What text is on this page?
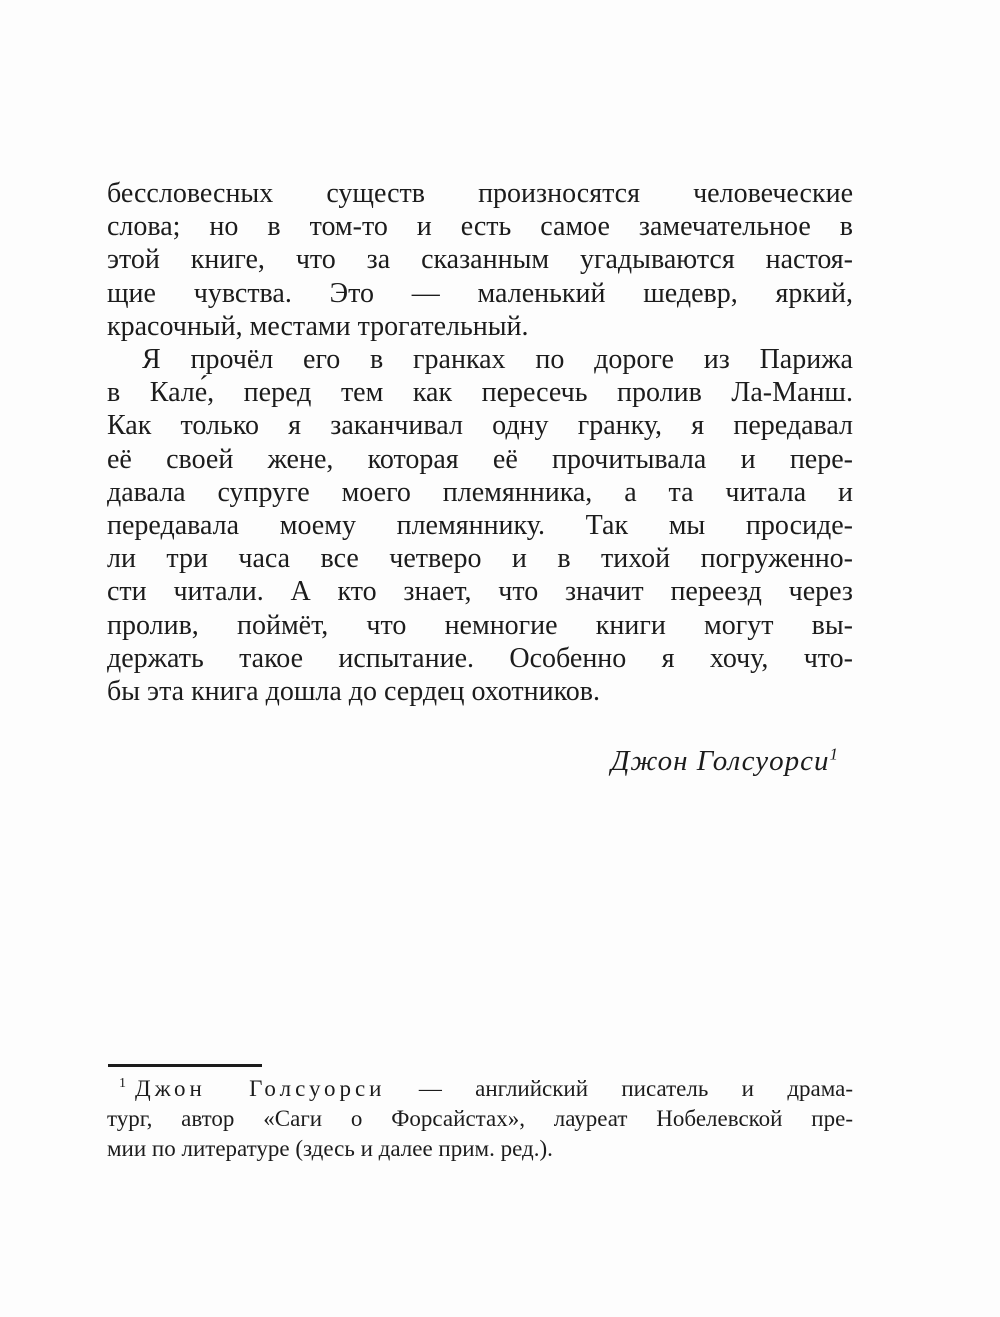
бессловесных существ произносятся человеческие

слова; но в том-то и есть самое замечательное в

этой книге, что за сказанным угадываются настоя-

щие чувства. Это — маленький шедевр, яркий,

красочный, местами трогательный.

Я прочёл его в гранках по дороге из Парижа

в Кале́, перед тем как пересечь пролив Ла-Манш.

Как только я заканчивал одну гранку, я передавал

её своей жене, которая её прочитывала и пере-

давала супруге моего племянника, а та читала и

передавала моему племяннику. Так мы просиде-

ли три часа все четверо и в тихой погруженно-

сти читали. А кто знает, что значит переезд через

пролив, поймёт, что немногие книги могут вы-

держать такое испытание. Особенно я хочу, что-

бы эта книга дошла до сердец охотников.

Джон Голсуорси$^1$

$^1$ Джон Голсуорси — английский писатель и драма-

тург, автор «Саги о Форсайстах», лауреат Нобелевской пре-

мии по литературе (здесь и далее прим. ред.).
